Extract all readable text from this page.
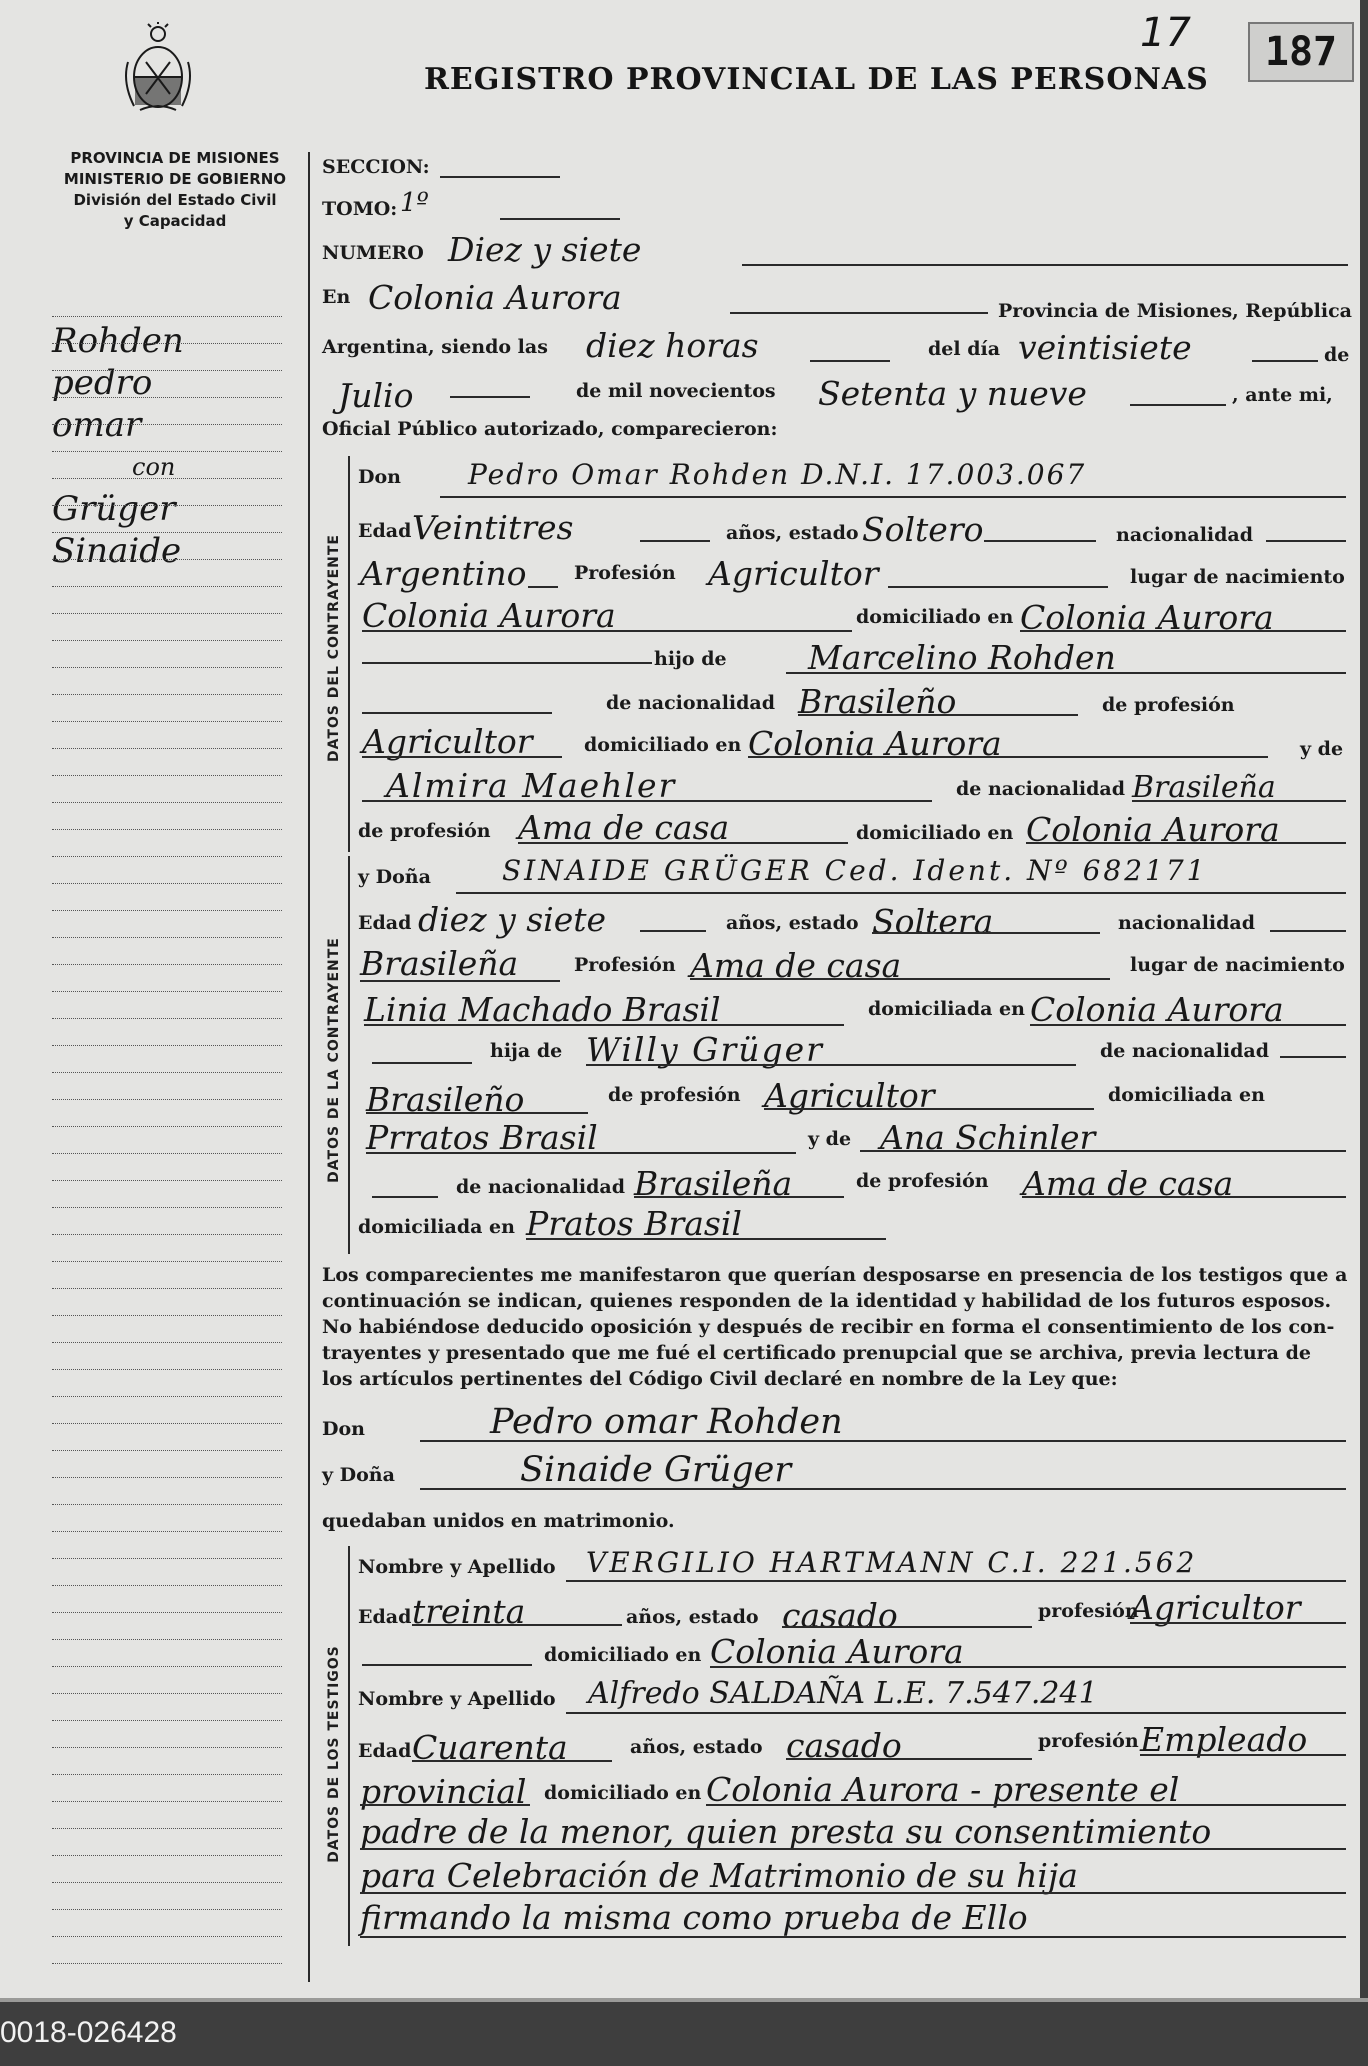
PROVINCIA DE MISIONES
MINISTERIO DE GOBIERNO
División del Estado Civil
y Capacidad
REGISTRO PROVINCIAL DE LAS PERSONAS
17	187
Rohden
pedro
omar
con
Grüger
Sinaide
SECCION:
TOMO: 1º
NUMERO Diez y siete
En Colonia Aurora	Provincia de Misiones, República
Argentina, siendo las diez horas	del día veintisiete	de
Julio	de mil novecientos Setenta y nueve	, ante mi,
Oficial Público autorizado, comparecieron:
DATOS DEL CONTRAYENTE
Don Pedro Omar Rohden D.N.I. 17.003.067
Edad Veintitres	años, estado Soltero	nacionalidad
Argentino	Profesión Agricultor	lugar de nacimiento
Colonia Aurora	domiciliado en Colonia Aurora
hijo de Marcelino Rohden
de nacionalidad Brasileño	de profesión
Agricultor	domiciliado en Colonia Aurora	y de
Almira Maehler	de nacionalidad Brasileña
de profesión Ama de casa	domiciliado en Colonia Aurora
DATOS DE LA CONTRAYENTE
y Doña	SINAIDE GRÜGER Ced. Ident. Nº 682171
Edad diez y siete	años, estado Soltera	nacionalidad
Brasileña	Profesión Ama de casa	lugar de nacimiento
Linia Machado Brasil	domiciliada en Colonia Aurora
hija de Willy Grüger	de nacionalidad
Brasileño	de profesión Agricultor	domiciliada en
Prratos Brasil	y de Ana Schinler
de nacionalidad Brasileña	de profesión Ama de casa
domiciliada en Pratos Brasil
Los comparecientes me manifestaron que querían desposarse en presencia de los testigos que a
continuación se indican, quienes responden de la identidad y habilidad de los futuros esposos.
No habiéndose deducido oposición y después de recibir en forma el consentimiento de los con-
trayentes y presentado que me fué el certificado prenupcial que se archiva, previa lectura de
los artículos pertinentes del Código Civil declaré en nombre de la Ley que:
Don	Pedro omar Rohden
y Doña	Sinaide Grüger
quedaban unidos en matrimonio.
DATOS DE LOS TESTIGOS
Nombre y Apellido VERGILIO HARTMANN C.I. 221.562
Edad treinta	años, estado casado	profesión
Agricultor
domiciliado en Colonia Aurora
Nombre y Apellido Alfredo SALDAÑA L.E. 7.547.241
Edad Cuarenta	años, estado casado	profesión Empleado
provincial domiciliado en Colonia Aurora - presente el
padre de la menor, quien presta su consentimiento
para Celebración de Matrimonio de su hija
firmando la misma como prueba de Ello
0018-026428
